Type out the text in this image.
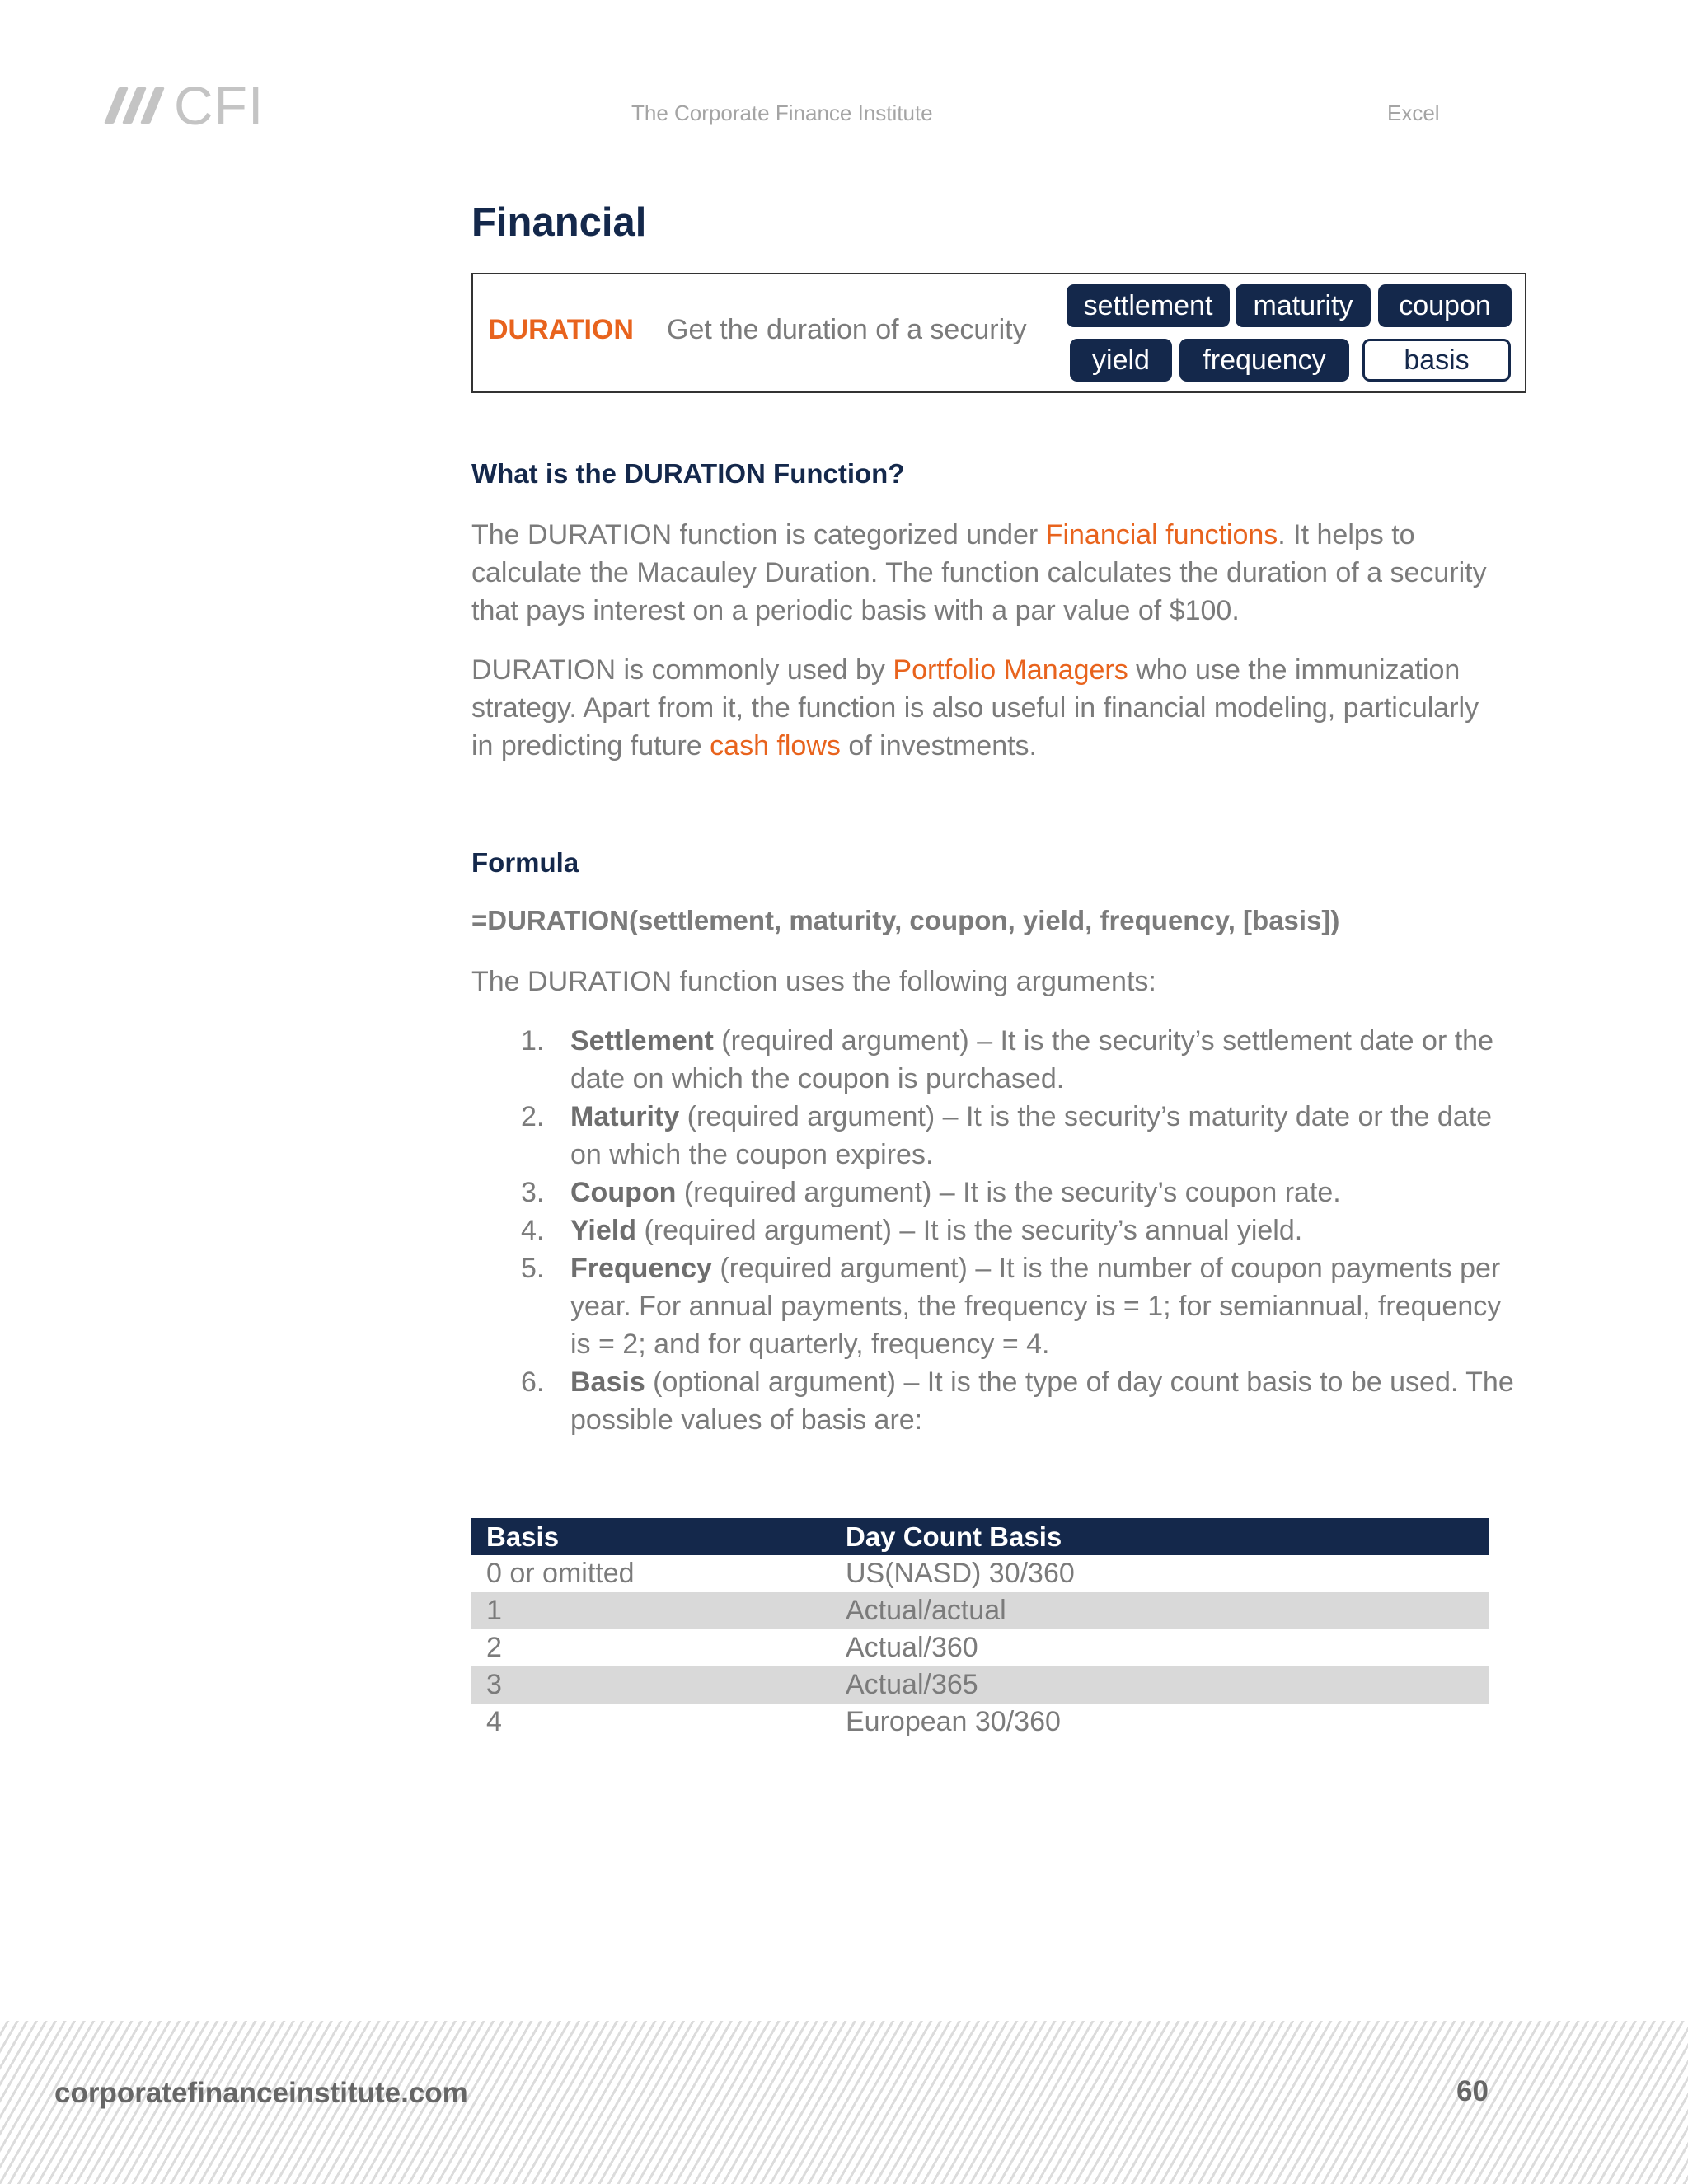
CFI	The Corporate Finance Institute	Excel
Financial
DURATION Get the duration of a security
settlement	maturity	coupon
yield	frequency	basis
What is the DURATION Function?
The DURATION function is categorized under Financial functions. It helps to calculate the Macauley Duration. The function calculates the duration of a security that pays interest on a periodic basis with a par value of $100.
DURATION is commonly used by Portfolio Managers who use the immunization strategy. Apart from it, the function is also useful in financial modeling, particularly in predicting future cash flows of investments.
Formula
=DURATION(settlement, maturity, coupon, yield, frequency, [basis])
The DURATION function uses the following arguments:
1. Settlement (required argument) – It is the security’s settlement date or the date on which the coupon is purchased.
2. Maturity (required argument) – It is the security’s maturity date or the date on which the coupon expires.
3. Coupon (required argument) – It is the security’s coupon rate.
4. Yield (required argument) – It is the security’s annual yield.
5. Frequency (required argument) – It is the number of coupon payments per year. For annual payments, the frequency is = 1; for semiannual, frequency is = 2; and for quarterly, frequency = 4.
6. Basis (optional argument) – It is the type of day count basis to be used. The possible values of basis are:
Basis	Day Count Basis
0 or omitted	US(NASD) 30/360
1	Actual/actual
2	Actual/360
3	Actual/365
4	European 30/360
corporatefinanceinstitute.com	60
